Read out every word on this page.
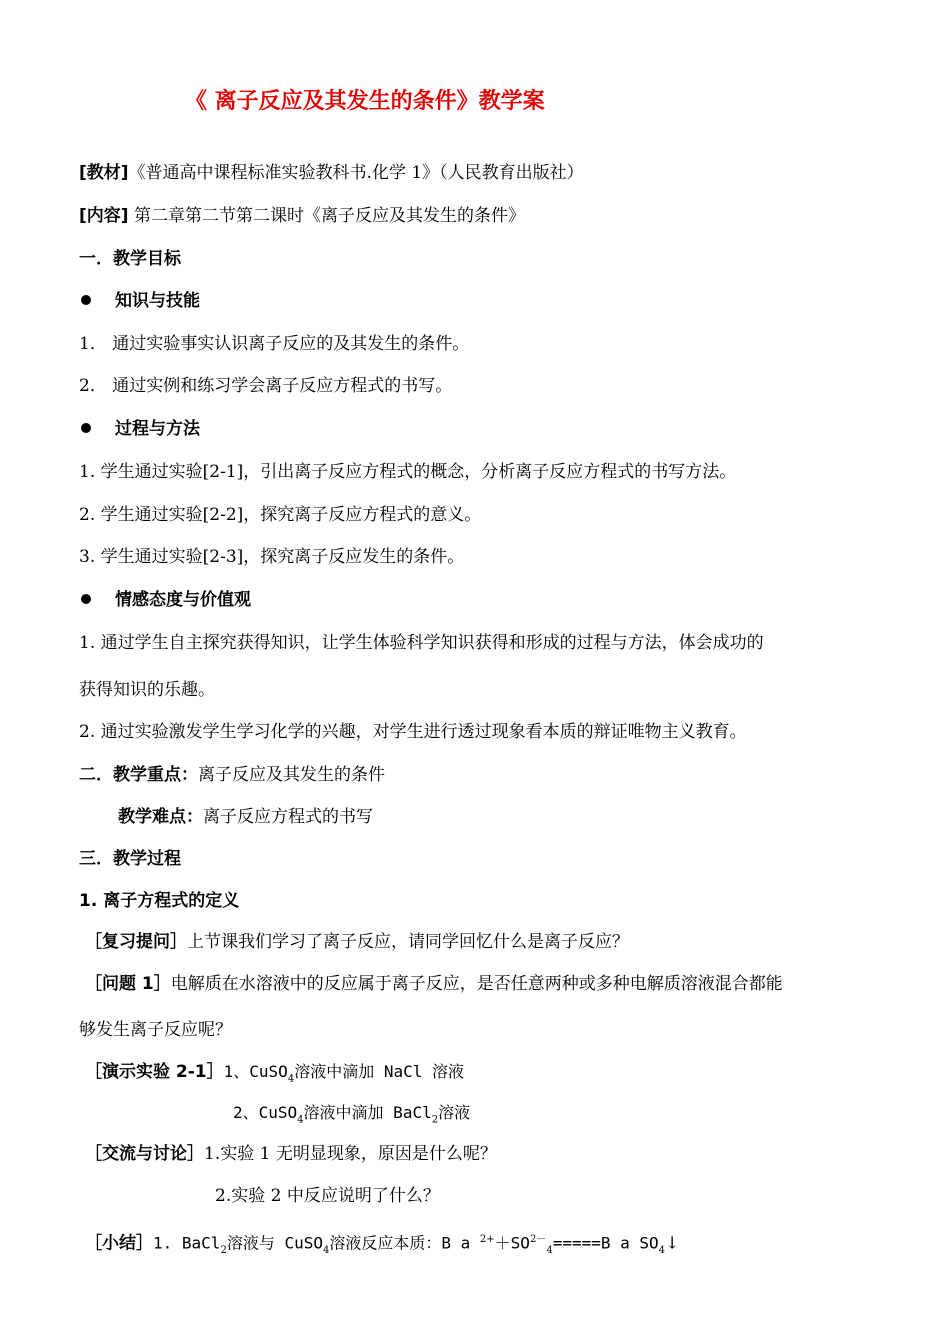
《 离子反应及其发生的条件》教学案
[教材]《普通高中课程标准实验教科书.化学 1》（人民教育出版社）
[内容] 第二章第二节第二课时《离子反应及其发生的条件》
一．教学目标
知识与技能
1． 通过实验事实认识离子反应的及其发生的条件。
2． 通过实例和练习学会离子反应方程式的书写。
过程与方法
1. 学生通过实验[2-1]，引出离子反应方程式的概念，分析离子反应方程式的书写方法。
2. 学生通过实验[2-2]，探究离子反应方程式的意义。
3. 学生通过实验[2-3]，探究离子反应发生的条件。
情感态度与价值观
1. 通过学生自主探究获得知识，让学生体验科学知识获得和形成的过程与方法，体会成功的
获得知识的乐趣。
2. 通过实验激发学生学习化学的兴趣，对学生进行透过现象看本质的辩证唯物主义教育。
二．教学重点：离子反应及其发生的条件
教学难点：离子反应方程式的书写
三．教学过程
1. 离子方程式的定义
［复习提问］上节课我们学习了离子反应，请同学回忆什么是离子反应？
［问题 1］电解质在水溶液中的反应属于离子反应，是否任意两种或多种电解质溶液混合都能
够发生离子反应呢？
［演示实验 2-1］1、CuSO$_4$溶液中滴加 NaCl 溶液
2、CuSO$_4$溶液中滴加 BaCl$_2$溶液
［交流与讨论］1.实验 1 无明显现象，原因是什么呢？
2.实验 2 中反应说明了什么？
［小结］1. BaCl$_2$溶液与 CuSO$_4$溶液反应本质：B a $^{2+}+SO^{2-}_4=====B$ a $SO_4↓$
